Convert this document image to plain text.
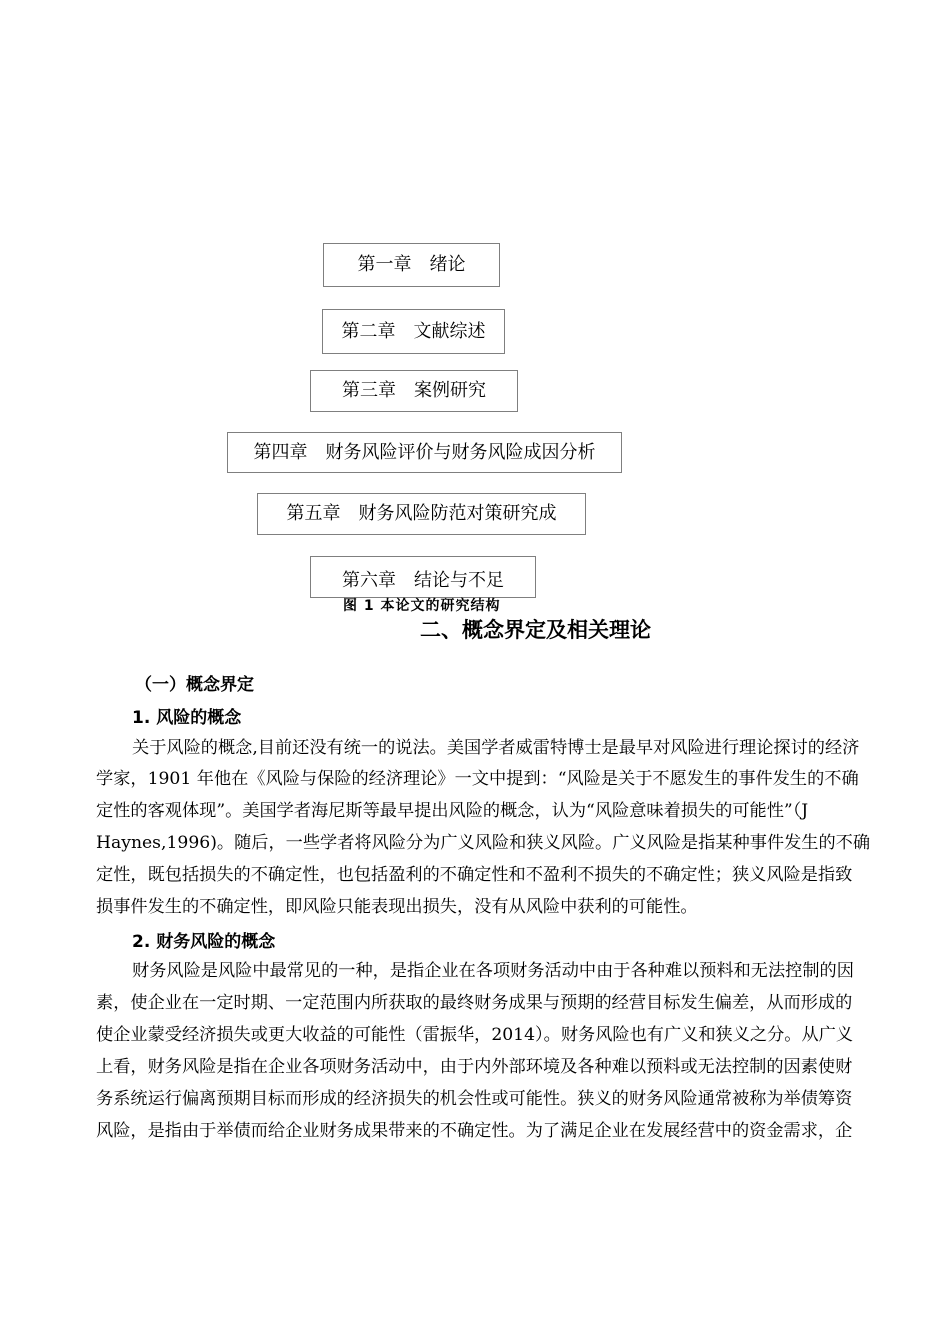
第一章　绪论
第二章　文献综述
第三章　案例研究
第四章　财务风险评价与财务风险成因分析
第五章　财务风险防范对策研究成
第六章　结论与不足
图 1 本论文的研究结构
二、概念界定及相关理论
（一）概念界定
1. 风险的概念
关于风险的概念,目前还没有统一的说法。美国学者威雷特博士是最早对风险进行理论探讨的经济
学家，1901 年他在《风险与保险的经济理论》一文中提到：“风险是关于不愿发生的事件发生的不确
定性的客观体现”。美国学者海尼斯等最早提出风险的概念，认为“风险意味着损失的可能性”（J
Haynes,1996)。随后，一些学者将风险分为广义风险和狭义风险。广义风险是指某种事件发生的不确
定性，既包括损失的不确定性，也包括盈利的不确定性和不盈利不损失的不确定性；狭义风险是指致
损事件发生的不确定性，即风险只能表现出损失，没有从风险中获利的可能性。
2. 财务风险的概念
财务风险是风险中最常见的一种，是指企业在各项财务活动中由于各种难以预料和无法控制的因
素，使企业在一定时期、一定范围内所获取的最终财务成果与预期的经营目标发生偏差，从而形成的
使企业蒙受经济损失或更大收益的可能性（雷振华，2014）。财务风险也有广义和狭义之分。从广义
上看，财务风险是指在企业各项财务活动中，由于内外部环境及各种难以预料或无法控制的因素使财
务系统运行偏离预期目标而形成的经济损失的机会性或可能性。狭义的财务风险通常被称为举债筹资
风险，是指由于举债而给企业财务成果带来的不确定性。为了满足企业在发展经营中的资金需求，企
